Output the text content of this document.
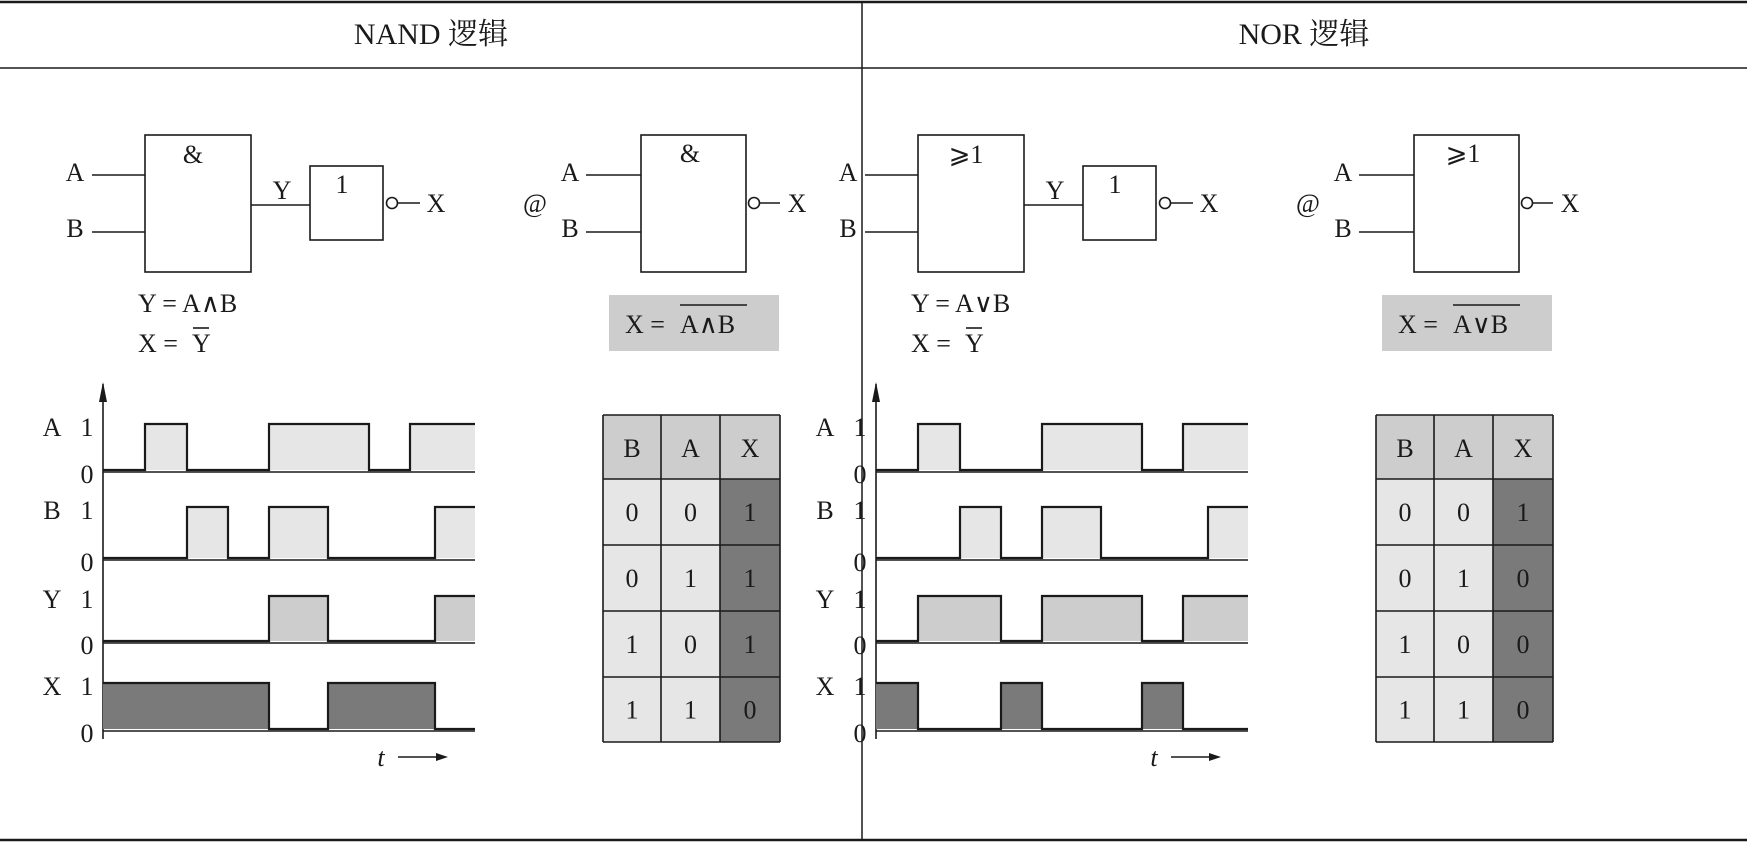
NAND 逻辑	NOR 逻辑
&
A
B
Y 1
X
Y = A∧B
X = Y
@
&
A
B
X
X = A∧B
A 1
0
B 1
0
Y 1
0
X 1
0
t
B A X
0 0 1
0 1 1
1 0 1
1 1 0
⩾1
A
B
Y 1
X
Y = A∨B
X = Y
@
⩾1
A
B
X
X = A∨B
A 1
0
B 1
0
Y 1
0
X 1
0
t
B A X
0 0 1
0 1 0
1 0 0
1 1 0
